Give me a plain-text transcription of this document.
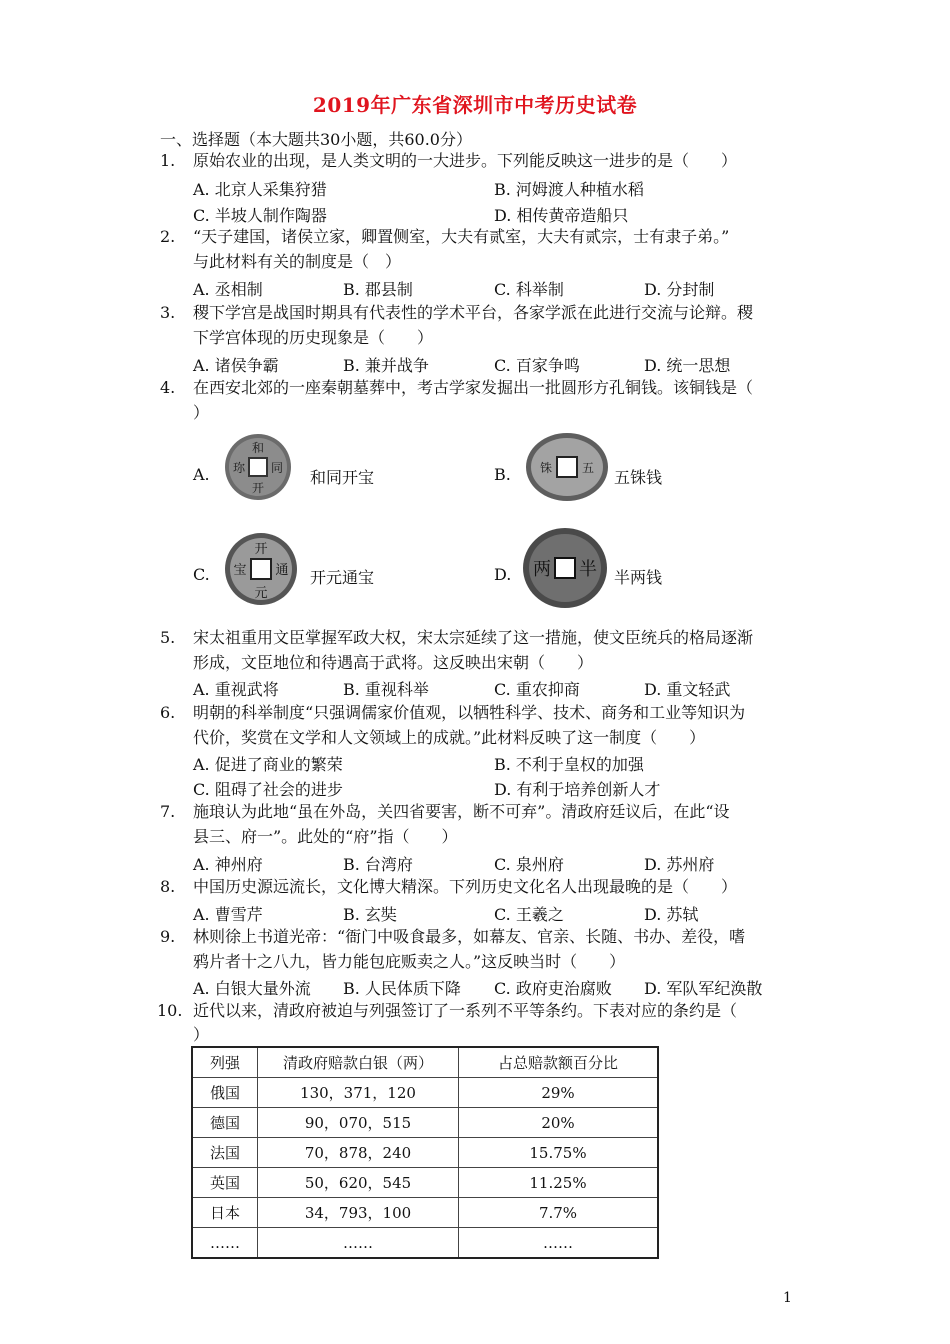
2019年广东省深圳市中考历史试卷
一、选择题（本大题共30小题，共60.0分）
1. 原始农业的出现，是人类文明的一大进步。下列能反映这一进步的是（　　）
A. 北京人采集狩猎	B. 河姆渡人种植水稻
C. 半坡人制作陶器	D. 相传黄帝造船只
2. “天子建国，诸侯立家，卿置侧室，大夫有贰室，大夫有贰宗，士有隶子弟。”
与此材料有关的制度是（　）
A. 丞相制	B. 郡县制	C. 科举制	D. 分封制
3. 稷下学宫是战国时期具有代表性的学术平台，各家学派在此进行交流与论辩。稷
下学宫体现的历史现象是（　　）
A. 诸侯争霸	B. 兼并战争	C. 百家争鸣	D. 统一思想
4. 在西安北郊的一座秦朝墓葬中，考古学家发掘出一批圆形方孔铜钱。该铜钱是（
）
A.
和
同
开
珎	和同开宝	B.	五
铢	五铢钱
C.
开
元
通
宝	开元通宝	D.	半
两	半两钱
5. 宋太祖重用文臣掌握军政大权，宋太宗延续了这一措施，使文臣统兵的格局逐渐
形成，文臣地位和待遇高于武将。这反映出宋朝（　　）
A. 重视武将	B. 重视科举	C. 重农抑商	D. 重文轻武
6. 明朝的科举制度“只强调儒家价值观，以牺牲科学、技术、商务和工业等知识为
代价，奖赏在文学和人文领域上的成就。”此材料反映了这一制度（　　）
A. 促进了商业的繁荣	B. 不利于皇权的加强
C. 阻碍了社会的进步	D. 有利于培养创新人才
7. 施琅认为此地“虽在外岛，关四省要害，断不可弃”。清政府廷议后，在此“设
县三、府一”。此处的“府”指（　　）
A. 神州府	B. 台湾府	C. 泉州府	D. 苏州府
8. 中国历史源远流长，文化博大精深。下列历史文化名人出现最晚的是（　　）
A. 曹雪芹	B. 玄奘	C. 王羲之	D. 苏轼
9. 林则徐上书道光帝：“衙门中吸食最多，如幕友、官亲、长随、书办、差役，嗜
鸦片者十之八九，皆力能包庇贩卖之人。”这反映当时（　　）
A. 白银大量外流 B. 人民体质下降 C. 政府吏治腐败 D. 军队军纪涣散
10. 近代以来，清政府被迫与列强签订了一系列不平等条约。下表对应的条约是（
）
列强	清政府赔款白银（两）	占总赔款额百分比
俄国	130，371，120	29%
德国	90，070，515	20%
法国	70，878，240	15.75%
英国	50，620，545	11.25%
日本	34，793，100	7.7%
……	……	……
1
